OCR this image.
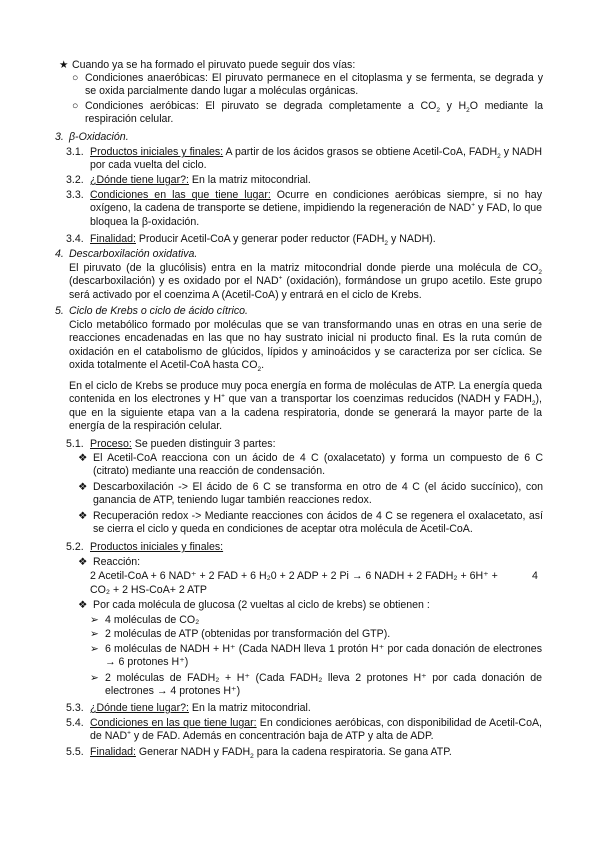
★ Cuando ya se ha formado el piruvato puede seguir dos vías:
○ Condiciones anaeróbicas: El piruvato permanece en el citoplasma y se fermenta, se degrada y se oxida parcialmente dando lugar a moléculas orgánicas.
○ Condiciones aeróbicas: El piruvato se degrada completamente a $CO_2$ y $H_2O$ mediante la respiración celular.
3. β-Oxidación.
3.1. Productos iniciales y finales: A partir de los ácidos grasos se obtiene Acetil-CoA, $FADH_2$ y NADH por cada vuelta del ciclo.
3.2. ¿Dónde tiene lugar?: En la matriz mitocondrial.
3.3. Condiciones en las que tiene lugar: Ocurre en condiciones aeróbicas siempre, si no hay oxígeno, la cadena de transporte se detiene, impidiendo la regeneración de NAD+ y FAD, lo que bloquea la β-oxidación.
3.4. Finalidad: Producir Acetil-CoA y generar poder reductor ($FADH_2$ y NADH).
4. Descarboxilación oxidativa.
El piruvato (de la glucólisis) entra en la matriz mitocondrial donde pierde una molécula de $CO_2$ (descarboxilación) y es oxidado por el NAD+ (oxidación), formándose un grupo acetilo. Este grupo será activado por el coenzima A (Acetil-CoA) y entrará en el ciclo de Krebs.
5. Ciclo de Krebs o ciclo de ácido cítrico.
Ciclo metabólico formado por moléculas que se van transformando unas en otras en una serie de reacciones encadenadas en las que no hay sustrato inicial ni producto final. Es la ruta común de oxidación en el catabolismo de glúcidos, lípidos y aminoácidos y se caracteriza por ser cíclica. Se oxida totalmente el Acetil-CoA hasta $CO_2$.
En el ciclo de Krebs se produce muy poca energía en forma de moléculas de ATP. La energía queda contenida en los electrones y H+ que van a transportar los coenzimas reducidos (NADH y $FADH_2$), que en la siguiente etapa van a la cadena respiratoria, donde se generará la mayor parte de la energía de la respiración celular.
5.1. Proceso: Se pueden distinguir 3 partes:
❖ El Acetil-CoA reacciona con un ácido de 4 C (oxalacetato) y forma un compuesto de 6 C (citrato) mediante una reacción de condensación.
❖ Descarboxilación -> El ácido de 6 C se transforma en otro de 4 C (el ácido succínico), con ganancia de ATP, teniendo lugar también reacciones redox.
❖ Recuperación redox -> Mediante reacciones con ácidos de 4 C se regenera el oxalacetato, así se cierra el ciclo y queda en condiciones de aceptar otra molécula de Acetil-CoA.
5.2. Productos iniciales y finales:
❖ Reacción:
2 Acetil-CoA + 6 NAD⁺ + 2 FAD + 6 H₂0 + 2 ADP + 2 Pi → 6 NADH + 2 FADH₂ + 6H⁺ +	4
CO₂ + 2 HS-CoA+ 2 ATP
❖ Por cada molécula de glucosa (2 vueltas al ciclo de krebs) se obtienen :
➢ 4 moléculas de CO₂
➢ 2 moléculas de ATP (obtenidas por transformación del GTP).
➢ 6 moléculas de NADH + H⁺ (Cada NADH lleva 1 protón H⁺ por cada donación de electrones → 6 protones H⁺)
➢ 2 moléculas de FADH₂ + H⁺ (Cada FADH₂ lleva 2 protones H⁺ por cada donación de electrones → 4 protones H⁺)
5.3. ¿Dónde tiene lugar?: En la matriz mitocondrial.
5.4. Condiciones en las que tiene lugar: En condiciones aeróbicas, con disponibilidad de Acetil-CoA, de NAD+ y de FAD. Además en concentración baja de ATP y alta de ADP.
5.5. Finalidad: Generar NADH y $FADH_2$ para la cadena respiratoria. Se gana ATP.
